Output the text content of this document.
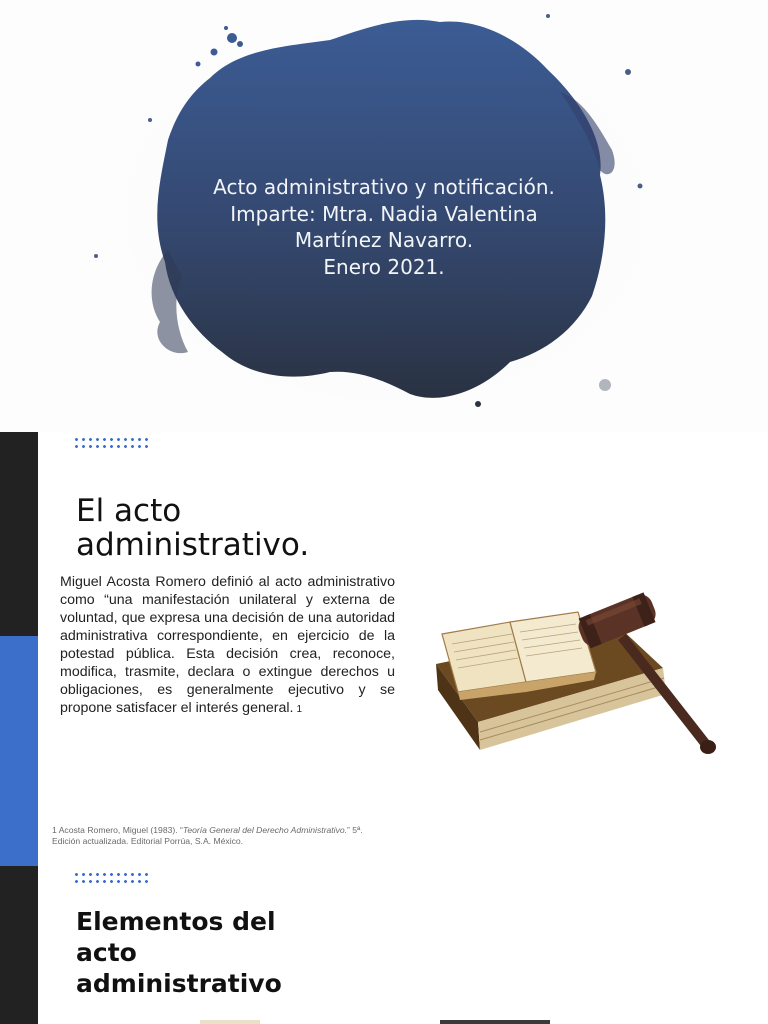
Acto administrativo y notificación.
Imparte: Mtra. Nadia Valentina
Martínez Navarro.
Enero 2021.
El acto
administrativo.

Miguel Acosta Romero definió al acto administrativo como “una manifestación unilateral y externa de voluntad, que expresa una decisión de una autoridad administrativa correspondiente, en ejercicio de la potestad pública. Esta decisión crea, reconoce, modifica, trasmite, declara o extingue derechos u obligaciones, es generalmente ejecutivo y se propone satisfacer el interés general. 1

1 Acosta Romero, Miguel (1983). “Teoría General del Derecho Administrativo.” 5ª. Edición actualizada. Editorial Porrúa, S.A. México.

Elementos del
acto
administrativo
